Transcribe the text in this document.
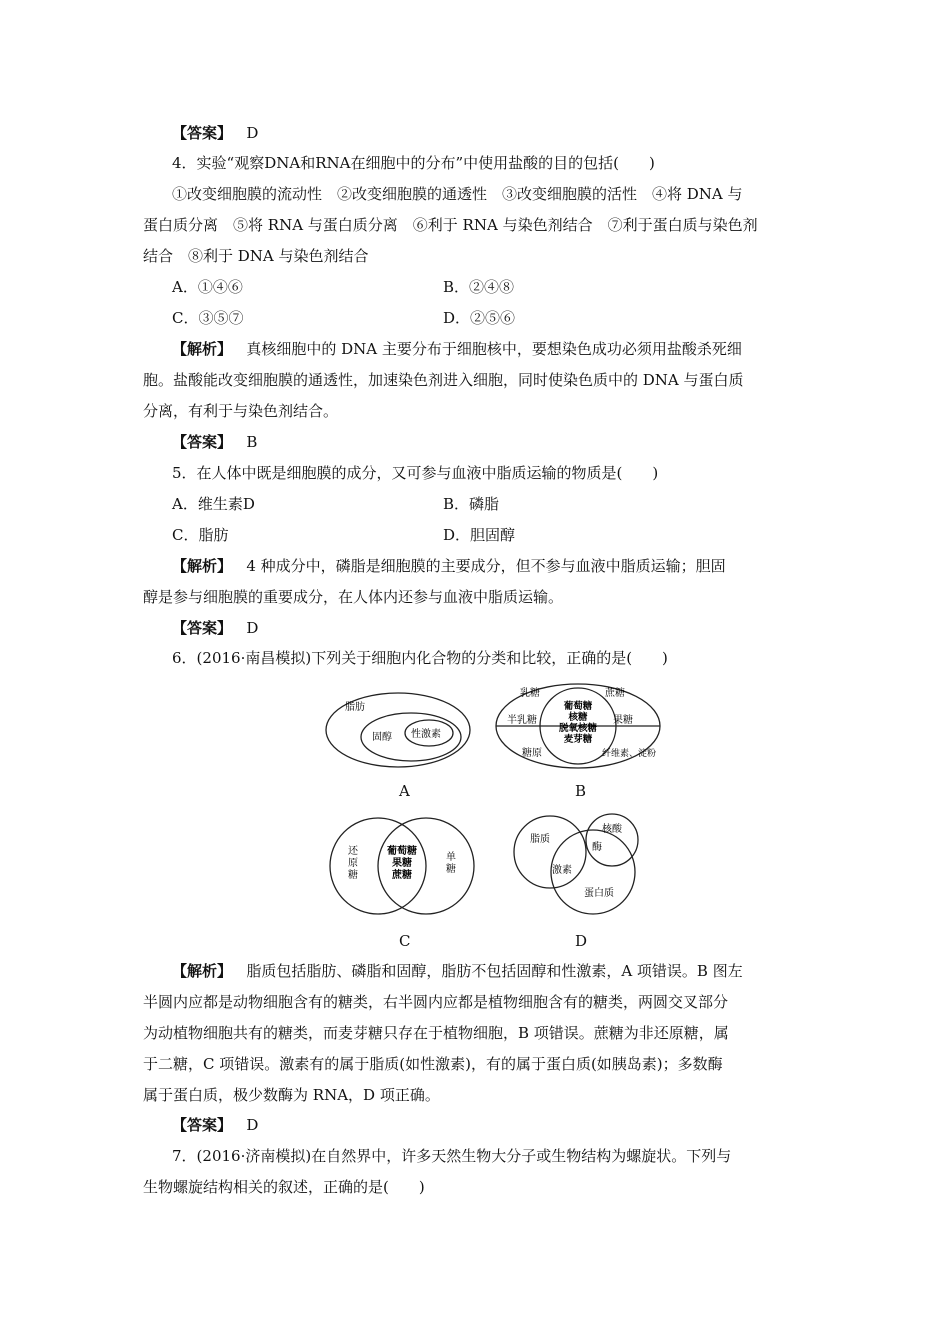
【答案】 D
4．实验“观察DNA和RNA在细胞中的分布”中使用盐酸的目的包括(　　)
①改变细胞膜的流动性　②改变细胞膜的通透性　③改变细胞膜的活性　④将 DNA 与
蛋白质分离　⑤将 RNA 与蛋白质分离　⑥利于 RNA 与染色剂结合　⑦利于蛋白质与染色剂
结合　⑧利于 DNA 与染色剂结合
A．①④⑥	B．②④⑧
C．③⑤⑦	D．②⑤⑥
【解析】 真核细胞中的 DNA 主要分布于细胞核中，要想染色成功必须用盐酸杀死细
胞。盐酸能改变细胞膜的通透性，加速染色剂进入细胞，同时使染色质中的 DNA 与蛋白质
分离，有利于与染色剂结合。
【答案】 B
5．在人体中既是细胞膜的成分，又可参与血液中脂质运输的物质是(　　)
A．维生素D	B．磷脂
C．脂肪	D．胆固醇
【解析】 4 种成分中，磷脂是细胞膜的主要成分，但不参与血液中脂质运输；胆固
醇是参与细胞膜的重要成分，在人体内还参与血液中脂质运输。
【答案】 D
6．(2016·南昌模拟)下列关于细胞内化合物的分类和比较，正确的是(　　)
脂肪
固醇 性激素
A
乳糖
半乳糖
糖原
葡萄糖
核糖
脱氧核糖
麦芽糖
蔗糖
果糖
纤维素、淀粉
B
还
原
糖
葡萄糖
果糖
蔗糖
单
糖
C
脂质
核酸
酶
激素
蛋白质
D
【解析】 脂质包括脂肪、磷脂和固醇，脂肪不包括固醇和性激素，A 项错误。B 图左
半圆内应都是动物细胞含有的糖类，右半圆内应都是植物细胞含有的糖类，两圆交叉部分
为动植物细胞共有的糖类，而麦芽糖只存在于植物细胞，B 项错误。蔗糖为非还原糖，属
于二糖，C 项错误。激素有的属于脂质(如性激素)，有的属于蛋白质(如胰岛素)；多数酶
属于蛋白质，极少数酶为 RNA，D 项正确。
【答案】 D
7．(2016·济南模拟)在自然界中，许多天然生物大分子或生物结构为螺旋状。下列与
生物螺旋结构相关的叙述，正确的是(　　)
